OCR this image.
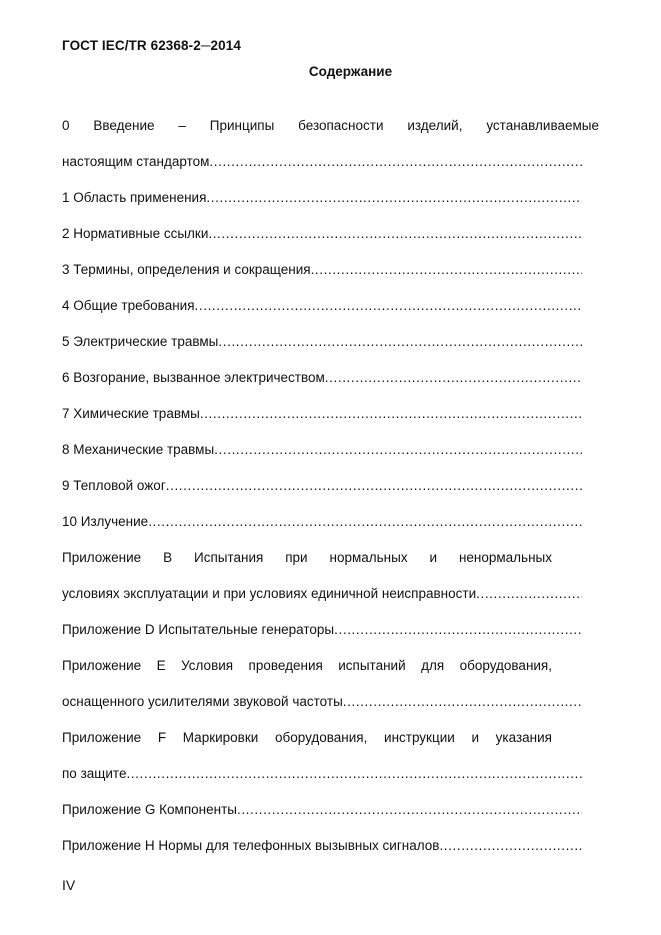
ГОСТ IEC/TR 62368-2─2014
Содержание
0 Введение – Принципы безопасности изделий, устанавливаемые
настоящим стандартом
.....
1 Область применения
.....
2 Нормативные ссылки
.....
3 Термины, определения и сокращения
.....
4 Общие требования
.....
5 Электрические травмы
.....
6 Возгорание, вызванное электричеством
.....
7 Химические травмы
.....
8 Механические травмы
.....
9 Тепловой ожог
.....
10 Излучение
.....
Приложение В Испытания при нормальных и ненормальных
условиях эксплуатации и при условиях единичной неисправности
.....
Приложение D Испытательные генераторы
.....
Приложение E Условия проведения испытаний для оборудования,
оснащенного усилителями звуковой частоты
.....
Приложение F Маркировки оборудования, инструкции и указания
по защите
.....
Приложение G Компоненты
.....
Приложение H Нормы для телефонных вызывных сигналов
.....
IV
